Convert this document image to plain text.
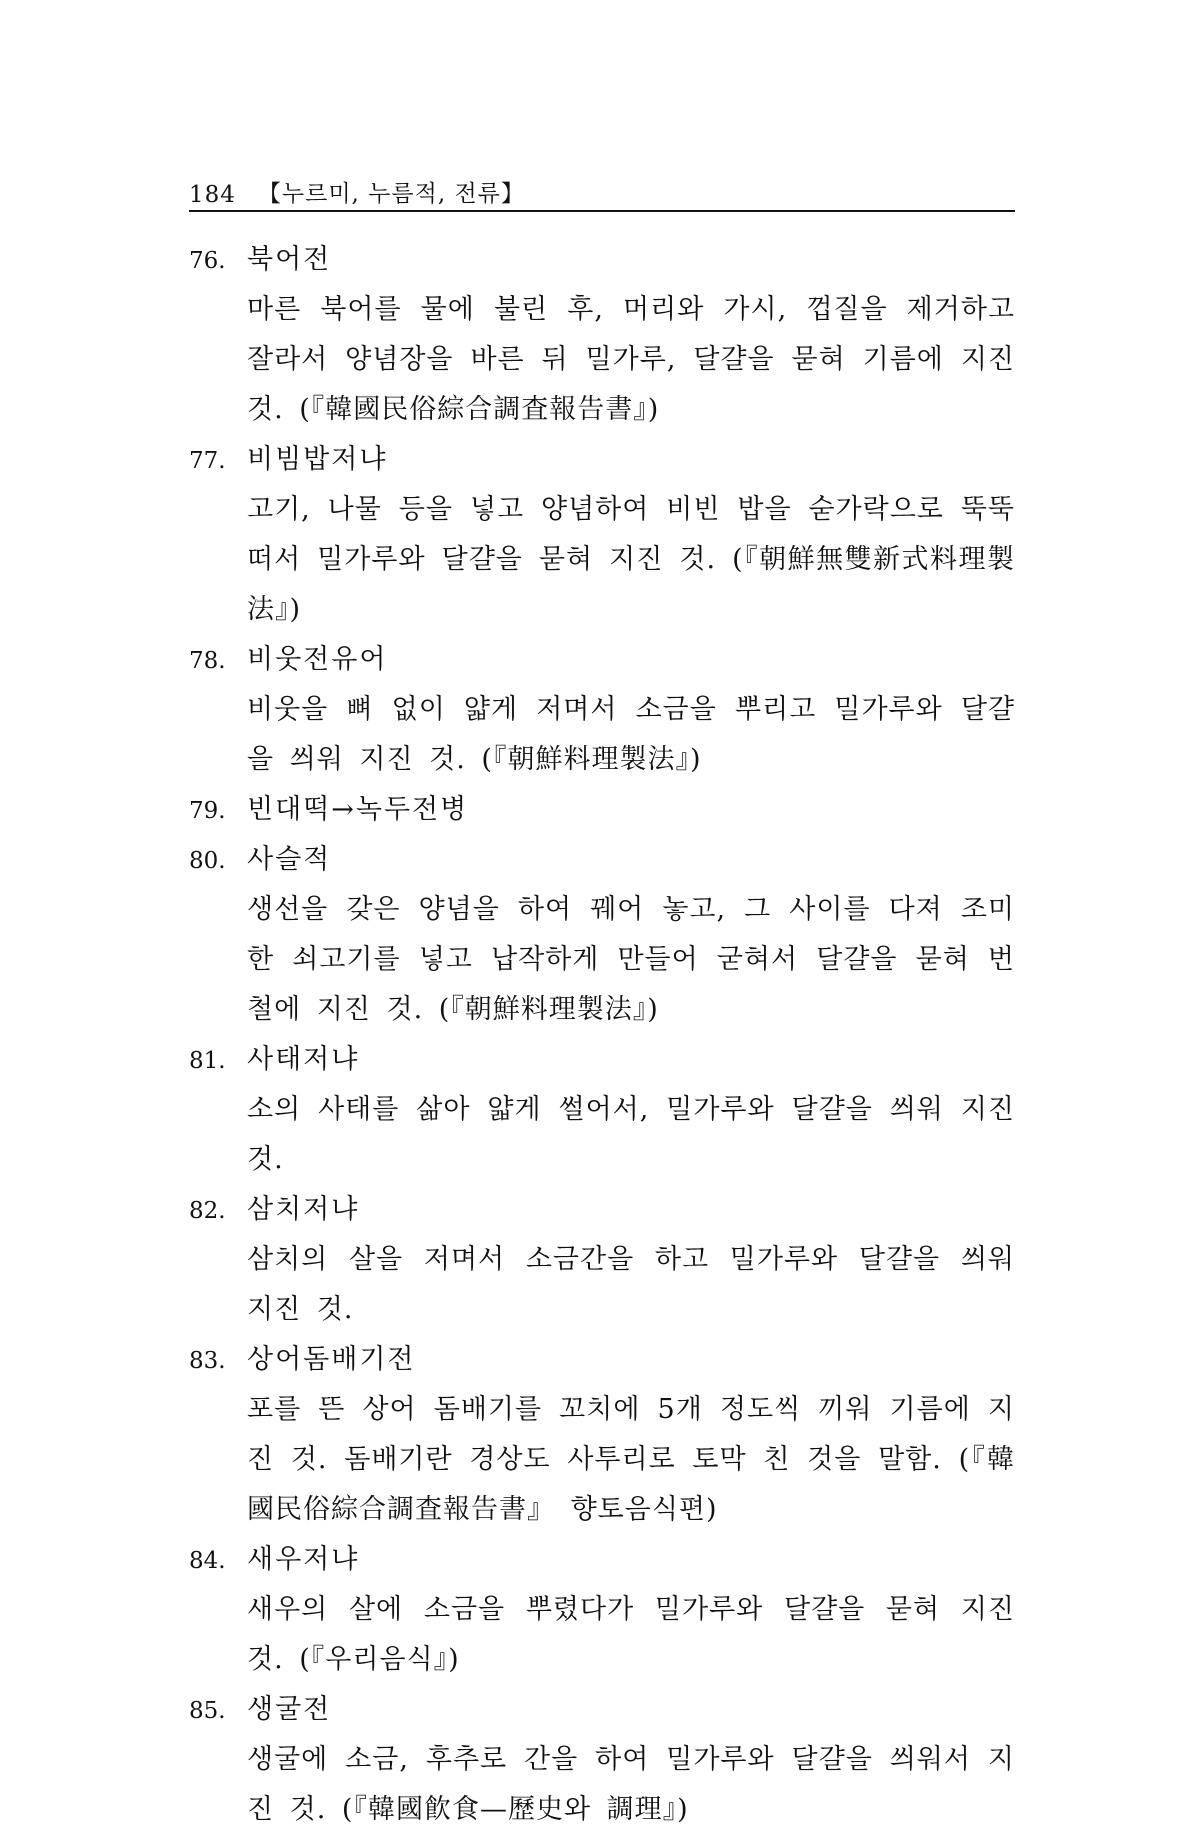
184 【누르미, 누름적, 전류】
76. 북어전
마른 북어를 물에 불린 후, 머리와 가시, 껍질을 제거하고 잘라서 양념장을 바른 뒤 밀가루, 달걀을 묻혀 기름에 지진 것. (『韓國民俗綜合調査報告書』)
77. 비빔밥저냐
고기, 나물 등을 넣고 양념하여 비빈 밥을 숟가락으로 뚝뚝 떠서 밀가루와 달걀을 묻혀 지진 것. (『朝鮮無雙新式料理製法』)
78. 비웃전유어
비웃을 뼈 없이 얇게 저며서 소금을 뿌리고 밀가루와 달걀을 씌워 지진 것. (『朝鮮料理製法』)
79. 빈대떡→녹두전병
80. 사슬적
생선을 갖은 양념을 하여 꿰어 놓고, 그 사이를 다져 조미한 쇠고기를 넣고 납작하게 만들어 굳혀서 달걀을 묻혀 번철에 지진 것. (『朝鮮料理製法』)
81. 사태저냐
소의 사태를 삶아 얇게 썰어서, 밀가루와 달걀을 씌워 지진 것.
82. 삼치저냐
삼치의 살을 저며서 소금간을 하고 밀가루와 달걀을 씌워 지진 것.
83. 상어돔배기전
포를 뜬 상어 돔배기를 꼬치에 5개 정도씩 끼워 기름에 지진 것. 돔배기란 경상도 사투리로 토막 친 것을 말함. (『韓國民俗綜合調査報告書』 향토음식편)
84. 새우저냐
새우의 살에 소금을 뿌렸다가 밀가루와 달걀을 묻혀 지진 것. (『우리음식』)
85. 생굴전
생굴에 소금, 후추로 간을 하여 밀가루와 달걀을 씌워서 지진 것. (『韓國飮食—歷史와 調理』)
